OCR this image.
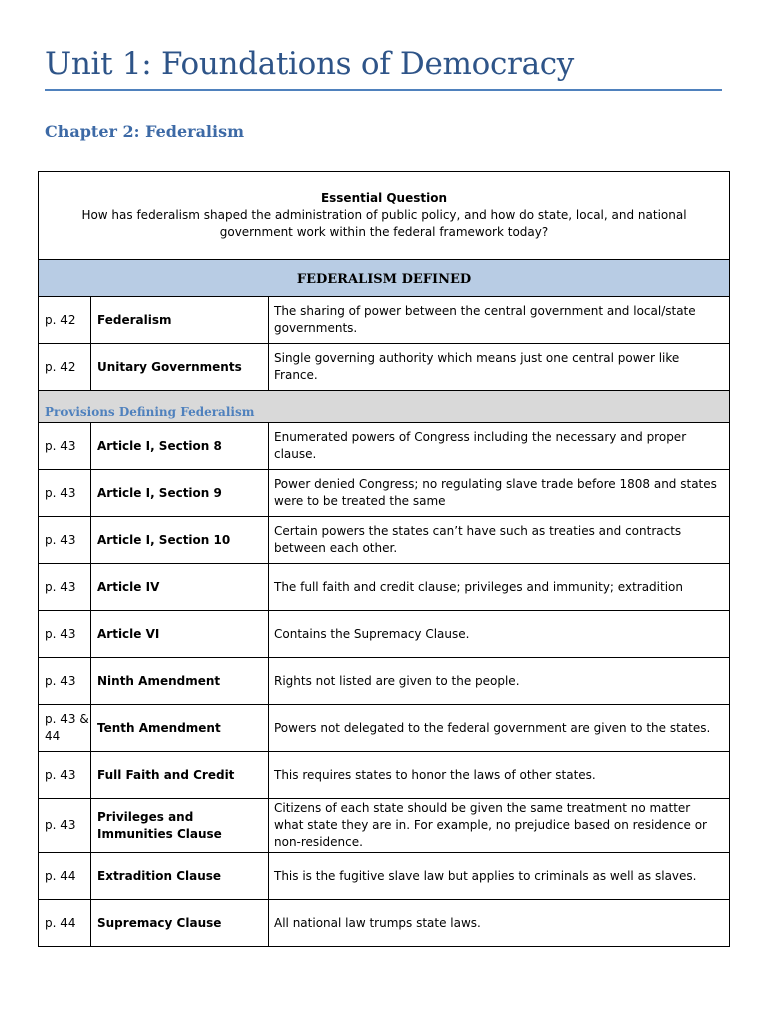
Unit 1: Foundations of Democracy
Chapter 2: Federalism
Essential Question
How has federalism shaped the administration of public policy, and how do state, local, and national government work within the federal framework today?		

FEDERALISM DEFINED		
p. 42	Federalism	The sharing of power between the central government and local/state governments.
p. 42	Unitary Governments	Single governing authority which means just one central power like France.
Provisions Defining Federalism		
p. 43	Article I, Section 8	Enumerated powers of Congress including the necessary and proper clause.
p. 43	Article I, Section 9	Power denied Congress; no regulating slave trade before 1808 and states were to be treated the same
p. 43	Article I, Section 10	Certain powers the states can’t have such as treaties and contracts between each other.
p. 43	Article IV	The full faith and credit clause; privileges and immunity; extradition
p. 43	Article VI	Contains the Supremacy Clause.
p. 43	Ninth Amendment	Rights not listed are given to the people.
p. 43 & 44	Tenth Amendment	Powers not delegated to the federal government are given to the states.
p. 43	Full Faith and Credit	This requires states to honor the laws of other states.
p. 43	Privileges and Immunities Clause	Citizens of each state should be given the same treatment no matter what state they are in. For example, no prejudice based on residence or non-residence.
p. 44	Extradition Clause	This is the fugitive slave law but applies to criminals as well as slaves.
p. 44	Supremacy Clause	All national law trumps state laws.
